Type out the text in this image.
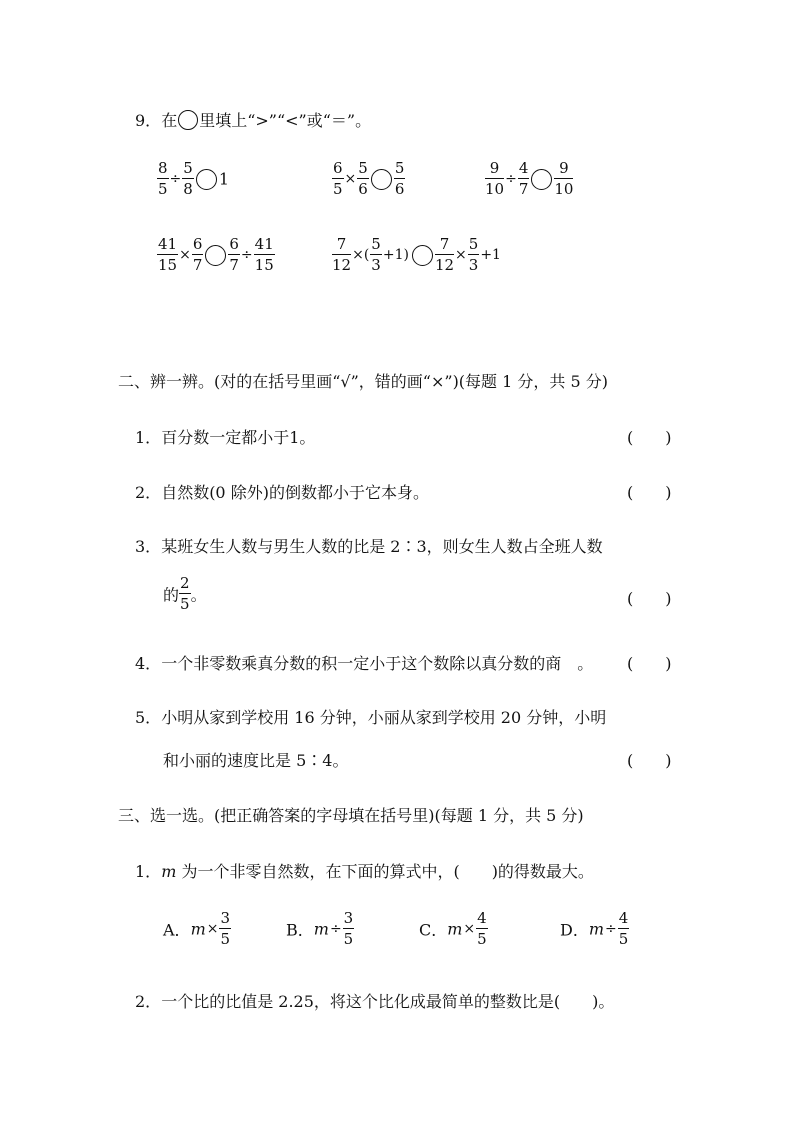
9．在 里填上“>”“<”或“＝”。
$\frac{8}{5} \div \frac{5}{8} 1$	$\frac{6}{5} \times \frac{5}{6} \frac{5}{6}$	$\frac{9}{10} \div \frac{4}{7} \frac{9}{10}$
$\frac{41}{15} \times \frac{6}{7} \frac{6}{7} \div \frac{41}{15}$	$\frac{7}{12}$ ×( $\frac{5}{3} +1) \frac{7}{12} \times \frac{5}{3} +1$
二、辨一辨。(对的在括号里画“√”，错的画“×”)(每题 1 分，共 5 分)
1．百分数一定都小于1。	(　　)
2．自然数(0 除外)的倒数都小于它本身。	(　　)
3．某班女生人数与男生人数的比是 2∶3，则女生人数占全班人数
的 $\frac{2}{5}$ 。	(　　)
4．一个非零数乘真分数的积一定小于这个数除以真分数的商　。 (　　)
5．小明从家到学校用 16 分钟，小丽从家到学校用 20 分钟，小明
和小丽的速度比是 5∶4。	(　　)
三、选一选。(把正确答案的字母填在括号里)(每题 1 分，共 5 分)
1．m 为一个非零自然数，在下面的算式中，(　　)的得数最大。
A．$m\times \frac{3}{5}$	B．$m\div \frac{3}{5}$	C．$m\times \frac{4}{5}$	D．$m\div \frac{4}{5}$
2．一个比的比值是 2.25，将这个比化成最简单的整数比是(　　)。
